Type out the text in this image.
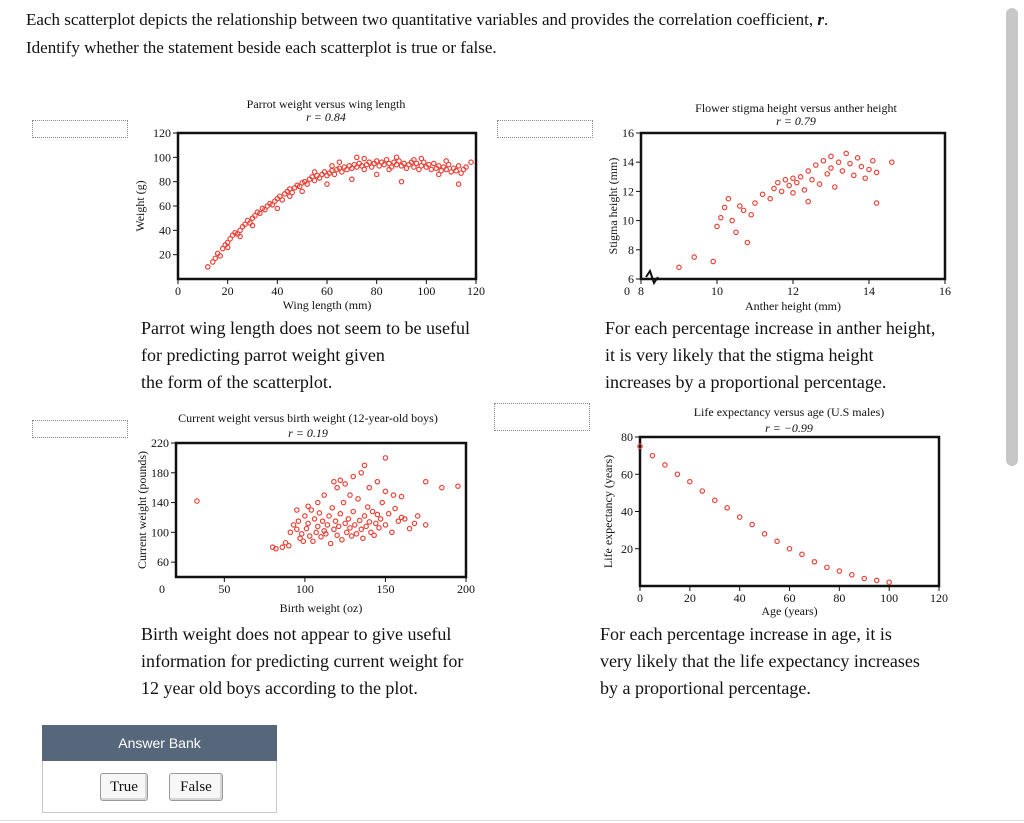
Each scatterplot depicts the relationship between two quantitative variables and provides the correlation coefficient, r.
Identify whether the statement beside each scatterplot is true or false.
Parrot weight versus wing length
r = 0.84
0	20	40	60	80	100	120
20
40
60
80
100
120
Wing length (mm)
Weight (g)
Flower stigma height versus anther height
r = 0.79
0 8	10	12	14	16
6
8
10
12
14
16
Anther height (mm)
Stigma height (mm)
Current weight versus birth weight (12-year-old boys)
r = 0.19
0	50	100	150	200
60
100
140
180
220
Birth weight (oz)
Current weight (pounds)
Life expectancy versus age (U.S males)
r = −0.99
0	20	40	60	80	100	120
20
40
60
80
Age (years)
Life expectancy (years)
Parrot wing length does not seem to be useful
for predicting parrot weight given
the form of the scatterplot.
For each percentage increase in anther height,
it is very likely that the stigma height
increases by a proportional percentage.
Birth weight does not appear to give useful
information for predicting current weight for
12 year old boys according to the plot.
For each percentage increase in age, it is
very likely that the life expectancy increases
by a proportional percentage.
Answer Bank
True	False
